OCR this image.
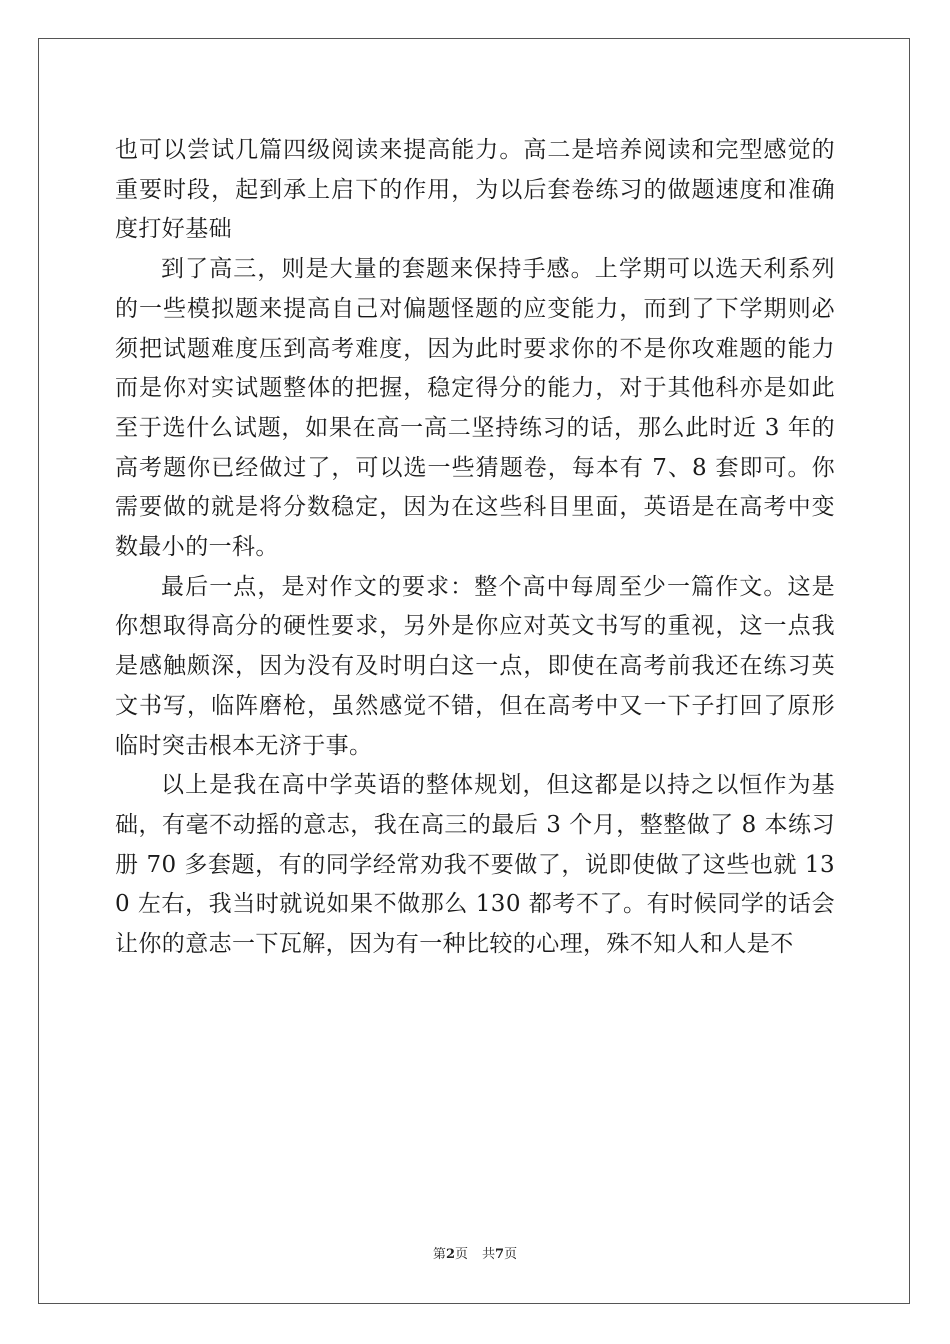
也可以尝试几篇四级阅读来提高能力。高二是培养阅读和完型感觉的重要时段，起到承上启下的作用，为以后套卷练习的做题速度和准确度打好基础

到了高三，则是大量的套题来保持手感。上学期可以选天利系列的一些模拟题来提高自己对偏题怪题的应变能力，而到了下学期则必须把试题难度压到高考难度，因为此时要求你的不是你攻难题的能力而是你对实试题整体的把握，稳定得分的能力，对于其他科亦是如此至于选什么试题，如果在高一高二坚持练习的话，那么此时近 3 年的高考题你已经做过了，可以选一些猜题卷，每本有 7、8 套即可。你需要做的就是将分数稳定，因为在这些科目里面，英语是在高考中变数最小的一科。

最后一点，是对作文的要求：整个高中每周至少一篇作文。这是你想取得高分的硬性要求，另外是你应对英文书写的重视，这一点我是感触颇深，因为没有及时明白这一点，即使在高考前我还在练习英文书写，临阵磨枪，虽然感觉不错，但在高考中又一下子打回了原形临时突击根本无济于事。

以上是我在高中学英语的整体规划，但这都是以持之以恒作为基础，有毫不动摇的意志，我在高三的最后 3 个月，整整做了 8 本练习册 70 多套题，有的同学经常劝我不要做了，说即使做了这些也就 130 左右，我当时就说如果不做那么 130 都考不了。有时候同学的话会让你的意志一下瓦解，因为有一种比较的心理，殊不知人和人是不

第2页 共7页
